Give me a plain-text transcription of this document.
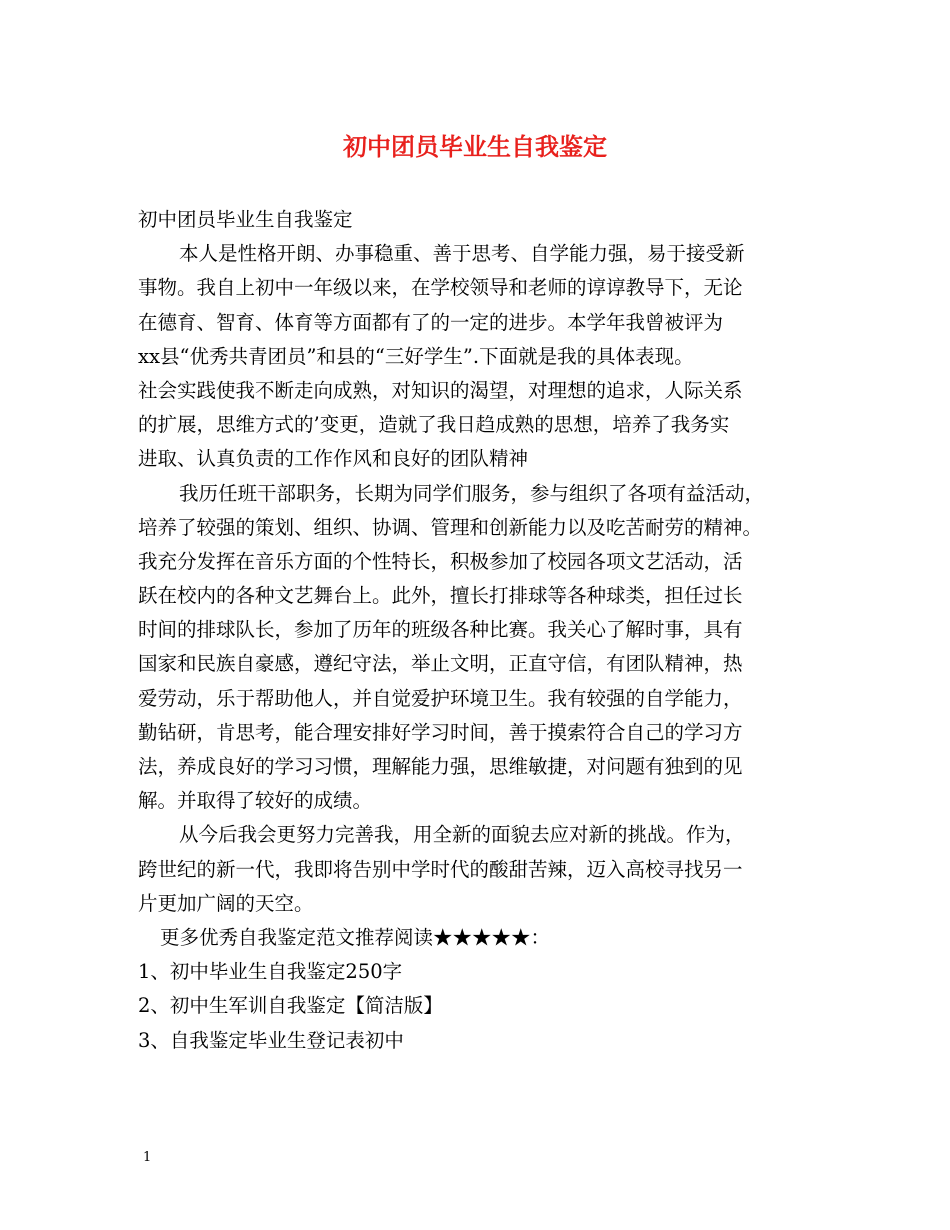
初中团员毕业生自我鉴定
初中团员毕业生自我鉴定
本人是性格开朗、办事稳重、善于思考、自学能力强，易于接受新
事物。我自上初中一年级以来，在学校领导和老师的谆谆教导下，无论
在德育、智育、体育等方面都有了的一定的进步。本学年我曾被评为
xx县“优秀共青团员”和县的“三好学生”.下面就是我的具体表现。
社会实践使我不断走向成熟，对知识的渴望，对理想的追求，人际关系
的扩展，思维方式的’变更，造就了我日趋成熟的思想，培养了我务实
进取、认真负责的工作作风和良好的团队精神
我历任班干部职务，长期为同学们服务，参与组织了各项有益活动，
培养了较强的策划、组织、协调、管理和创新能力以及吃苦耐劳的精神。
我充分发挥在音乐方面的个性特长，积极参加了校园各项文艺活动，活
跃在校内的各种文艺舞台上。此外，擅长打排球等各种球类，担任过长
时间的排球队长，参加了历年的班级各种比赛。我关心了解时事，具有
国家和民族自豪感，遵纪守法，举止文明，正直守信，有团队精神，热
爱劳动，乐于帮助他人，并自觉爱护环境卫生。我有较强的自学能力，
勤钻研，肯思考，能合理安排好学习时间，善于摸索符合自己的学习方
法，养成良好的学习习惯，理解能力强，思维敏捷，对问题有独到的见
解。并取得了较好的成绩。
从今后我会更努力完善我，用全新的面貌去应对新的挑战。作为，
跨世纪的新一代，我即将告别中学时代的酸甜苦辣，迈入高校寻找另一
片更加广阔的天空。
更多优秀自我鉴定范文推荐阅读★★★★★：
1、初中毕业生自我鉴定250字
2、初中生军训自我鉴定【简洁版】
3、自我鉴定毕业生登记表初中
1
